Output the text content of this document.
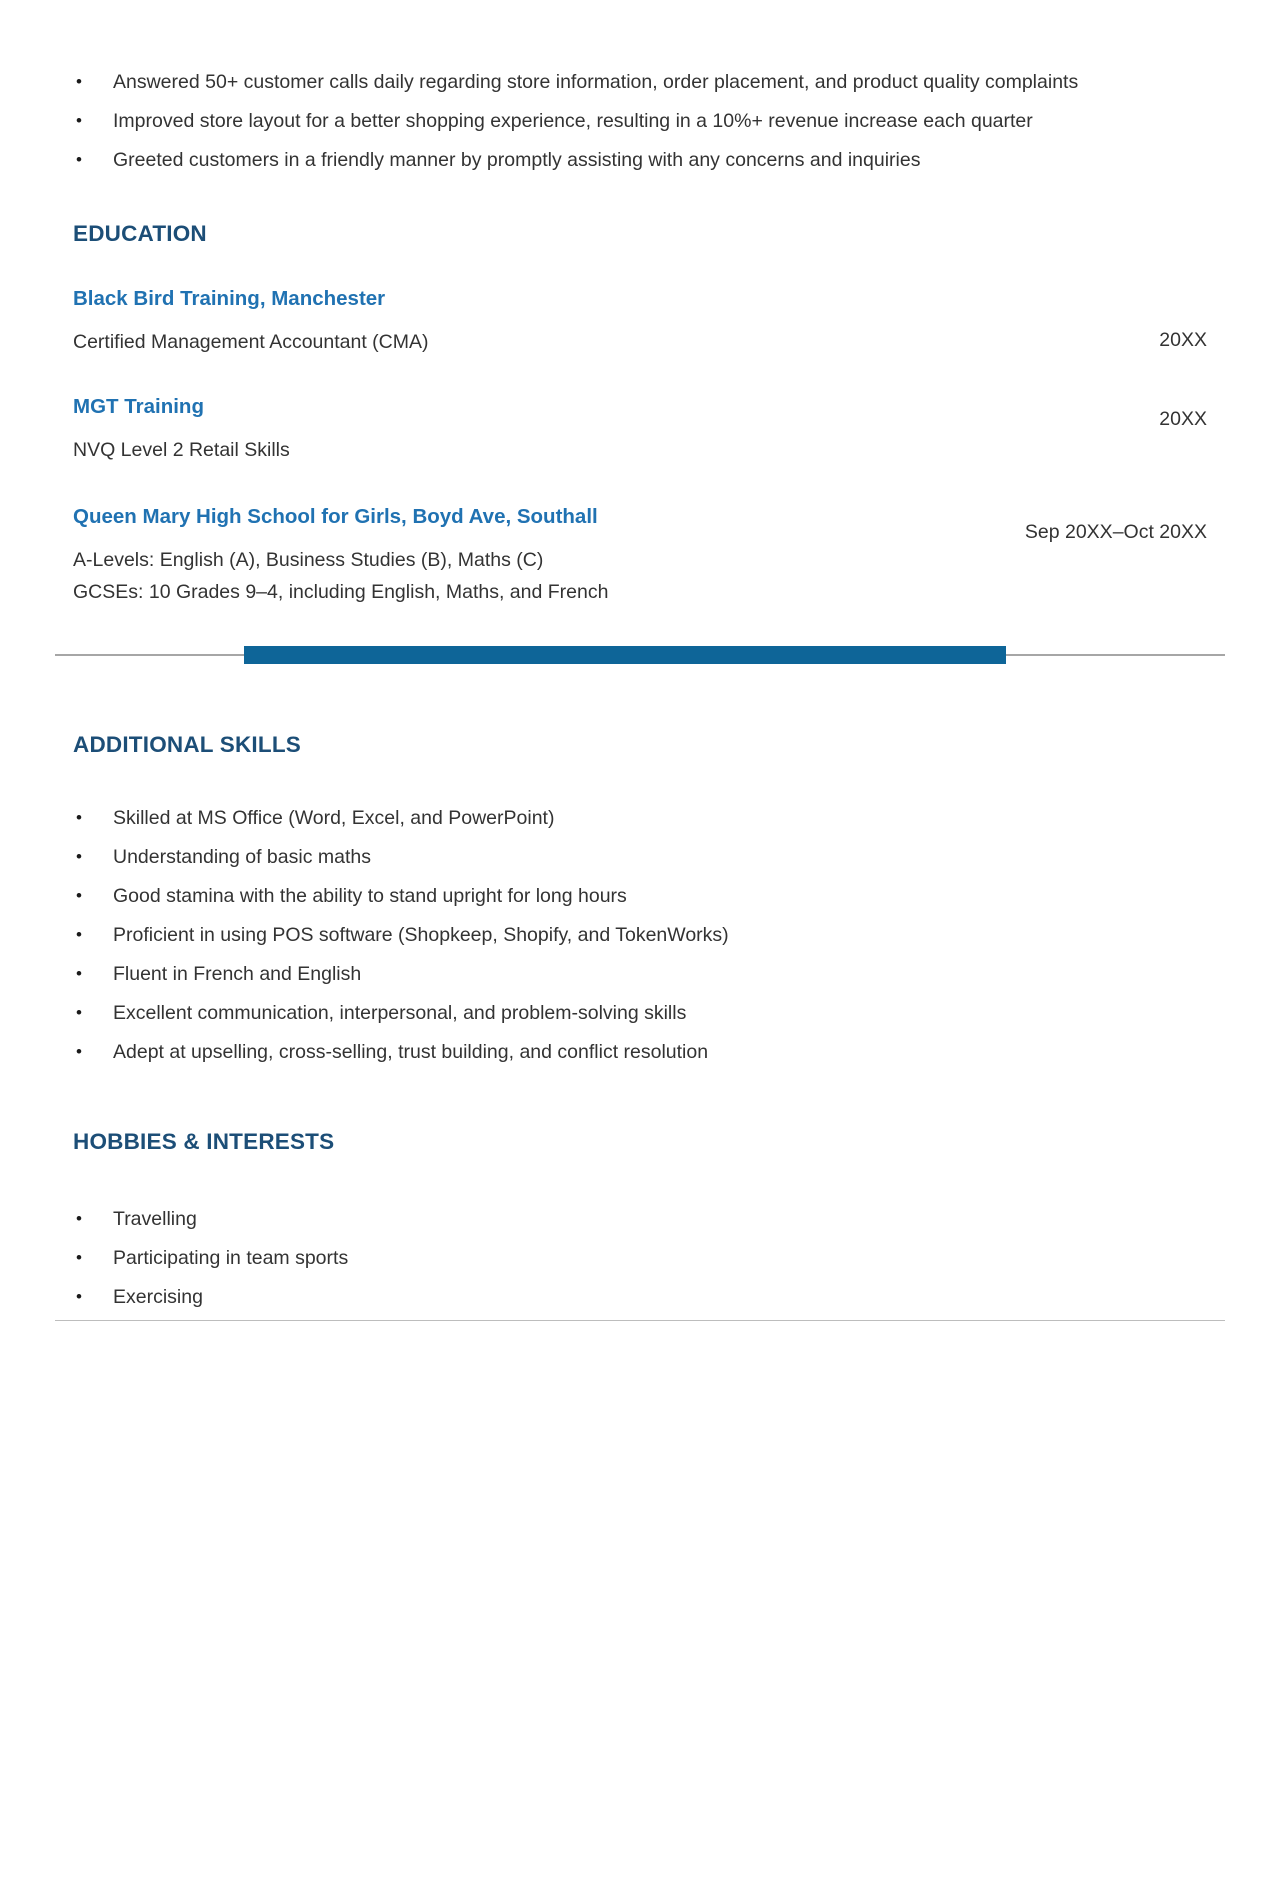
• Answered 50+ customer calls daily regarding store information, order placement, and product quality complaints
• Improved store layout for a better shopping experience, resulting in a 10%+ revenue increase each quarter
• Greeted customers in a friendly manner by promptly assisting with any concerns and inquiries
EDUCATION
Black Bird Training, Manchester
Certified Management Accountant (CMA)	20XX
MGT Training
NVQ Level 2 Retail Skills
20XX
Queen Mary High School for Girls, Boyd Ave, Southall
A-Levels: English (A), Business Studies (B), Maths (C)
GCSEs: 10 Grades 9–4, including English, Maths, and French
Sep 20XX–Oct 20XX
ADDITIONAL SKILLS
• Skilled at MS Office (Word, Excel, and PowerPoint)
• Understanding of basic maths
• Good stamina with the ability to stand upright for long hours
• Proficient in using POS software (Shopkeep, Shopify, and TokenWorks)
• Fluent in French and English
• Excellent communication, interpersonal, and problem-solving skills
• Adept at upselling, cross-selling, trust building, and conflict resolution
HOBBIES & INTERESTS
• Travelling
• Participating in team sports
• Exercising
